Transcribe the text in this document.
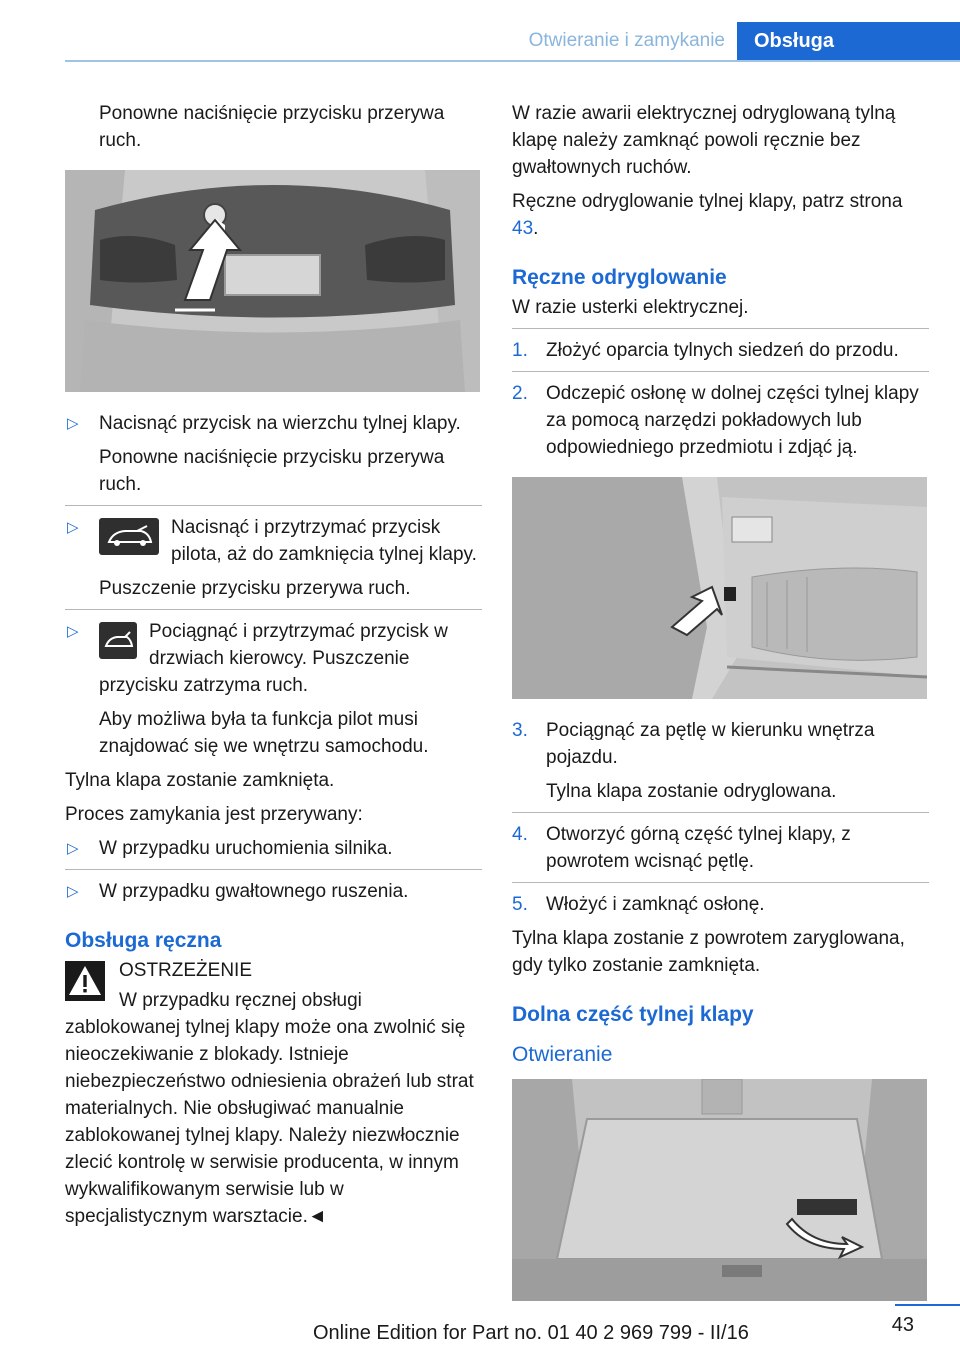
Otwieranie i zamykanie	Obsługa

Ponowne naciśnięcie przycisku przerywa ruch.

▷ Nacisnąć przycisk na wierzchu tylnej klapy.

Ponowne naciśnięcie przycisku przerywa ruch.

▷	Nacisnąć i przytrzymać przycisk pilota, aż do zamknięcia tylnej klapy.

Puszczenie przycisku przerywa ruch.

▷	Pociągnąć i przytrzymać przycisk w drzwiach kierowcy. Puszczenie przycisku zatrzyma ruch.

Aby możliwa była ta funkcja pilot musi znajdować się we wnętrzu samochodu.

Tylna klapa zostanie zamknięta.

Proces zamykania jest przerywany:

▷ W przypadku uruchomienia silnika.

▷ W przypadku gwałtownego ruszenia.

Obsługa ręczna

OSTRZEŻENIE

W przypadku ręcznej obsługi zablokowanej tylnej klapy może ona zwolnić się nieoczekiwanie z blokady. Istnieje niebezpieczeństwo odniesienia obrażeń lub strat materialnych. Nie obsługiwać manualnie zablokowanej tylnej klapy. Należy niezwłocznie zlecić kontrolę w serwisie producenta, w innym wykwalifikowanym serwisie lub w specjalistycznym warsztacie.◄

W razie awarii elektrycznej odryglowaną tylną klapę należy zamknąć powoli ręcznie bez gwałtownych ruchów.

Ręczne odryglowanie tylnej klapy, patrz strona 43.

Ręczne odryglowanie

W razie usterki elektrycznej.

1. Złożyć oparcia tylnych siedzeń do przodu.

2. Odczepić osłonę w dolnej części tylnej klapy za pomocą narzędzi pokładowych lub odpowiedniego przedmiotu i zdjąć ją.

3. Pociągnąć za pętlę w kierunku wnętrza pojazdu.

Tylna klapa zostanie odryglowana.

4. Otworzyć górną część tylnej klapy, z powrotem wcisnąć pętlę.

5. Włożyć i zamknąć osłonę.

Tylna klapa zostanie z powrotem zaryglowana, gdy tylko zostanie zamknięta.

Dolna część tylnej klapy
Otwieranie
43
Online Edition for Part no. 01 40 2 969 799 - II/16
